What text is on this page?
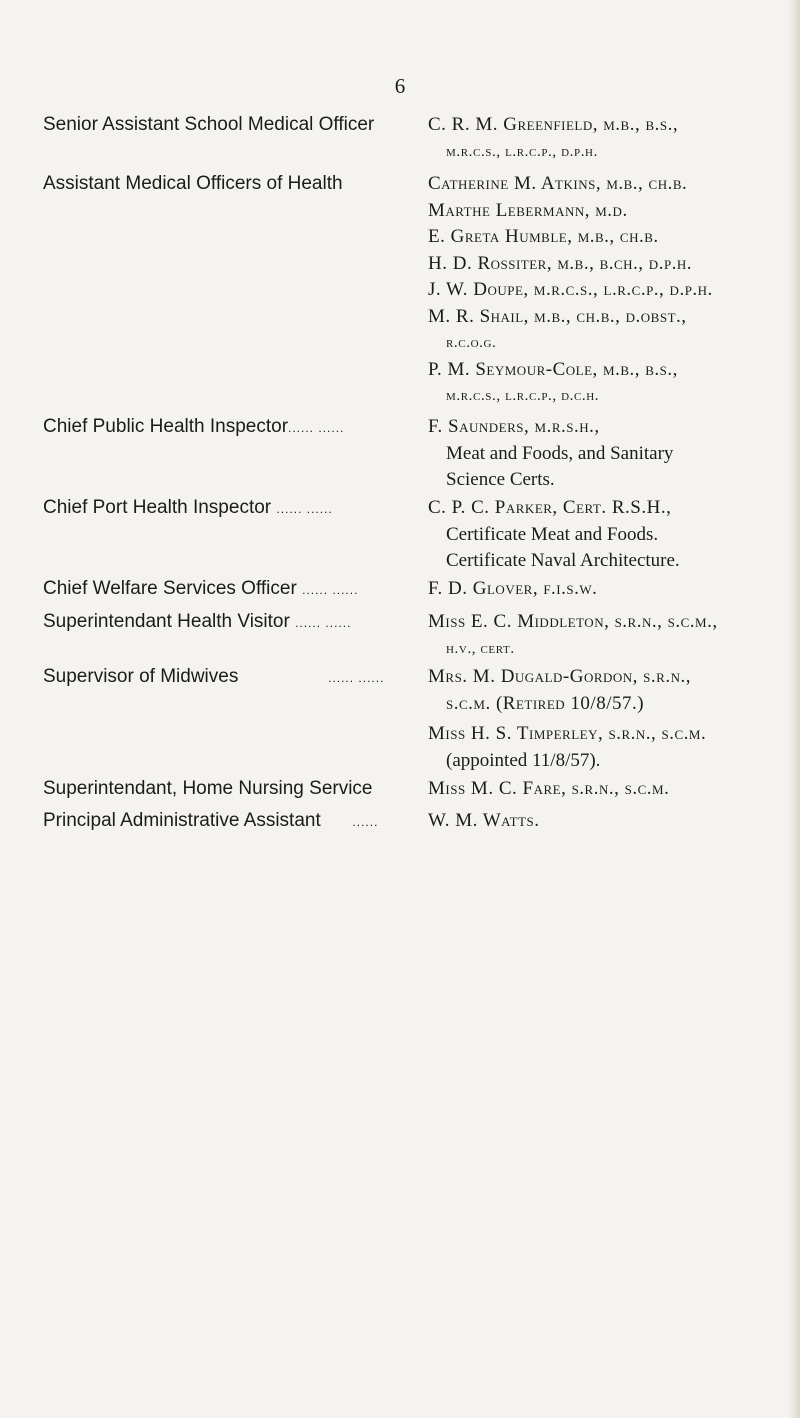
6
Senior Assistant School Medical Officer	C. R. M. Greenfield, m.b., b.s.,
m.r.c.s., l.r.c.p., d.p.h.
Assistant Medical Officers of Health	Catherine M. Atkins, m.b., ch.b.
Marthe Lebermann, m.d.
E. Greta Humble, m.b., ch.b.
H. D. Rossiter, m.b., b.ch., d.p.h.
J. W. Doupe, m.r.c.s., l.r.c.p., d.p.h.
M. R. Shail, m.b., ch.b., d.obst.,
r.c.o.g.
P. M. Seymour-Cole, m.b., b.s.,
m.r.c.s., l.r.c.p., d.c.h.
Chief Public Health Inspector...... ......	F. Saunders, m.r.s.h.,
Meat and Foods, and Sanitary
Science Certs.
Chief Port Health Inspector ...... ......	C. P. C. Parker, Cert. R.S.H.,
Certificate Meat and Foods.
Certificate Naval Architecture.
Chief Welfare Services Officer ...... ......	F. D. Glover, f.i.s.w.
Superintendant Health Visitor ...... ......	Miss E. C. Middleton, s.r.n., s.c.m.,
h.v., cert.
Supervisor of Midwives	...... ......	Mrs. M. Dugald-Gordon, s.r.n.,
s.c.m. (Retired 10/8/57.)
Miss H. S. Timperley, s.r.n., s.c.m.
(appointed 11/8/57).
Superintendant, Home Nursing Service	Miss M. C. Fare, s.r.n., s.c.m.
Principal Administrative Assistant	......	W. M. Watts.
